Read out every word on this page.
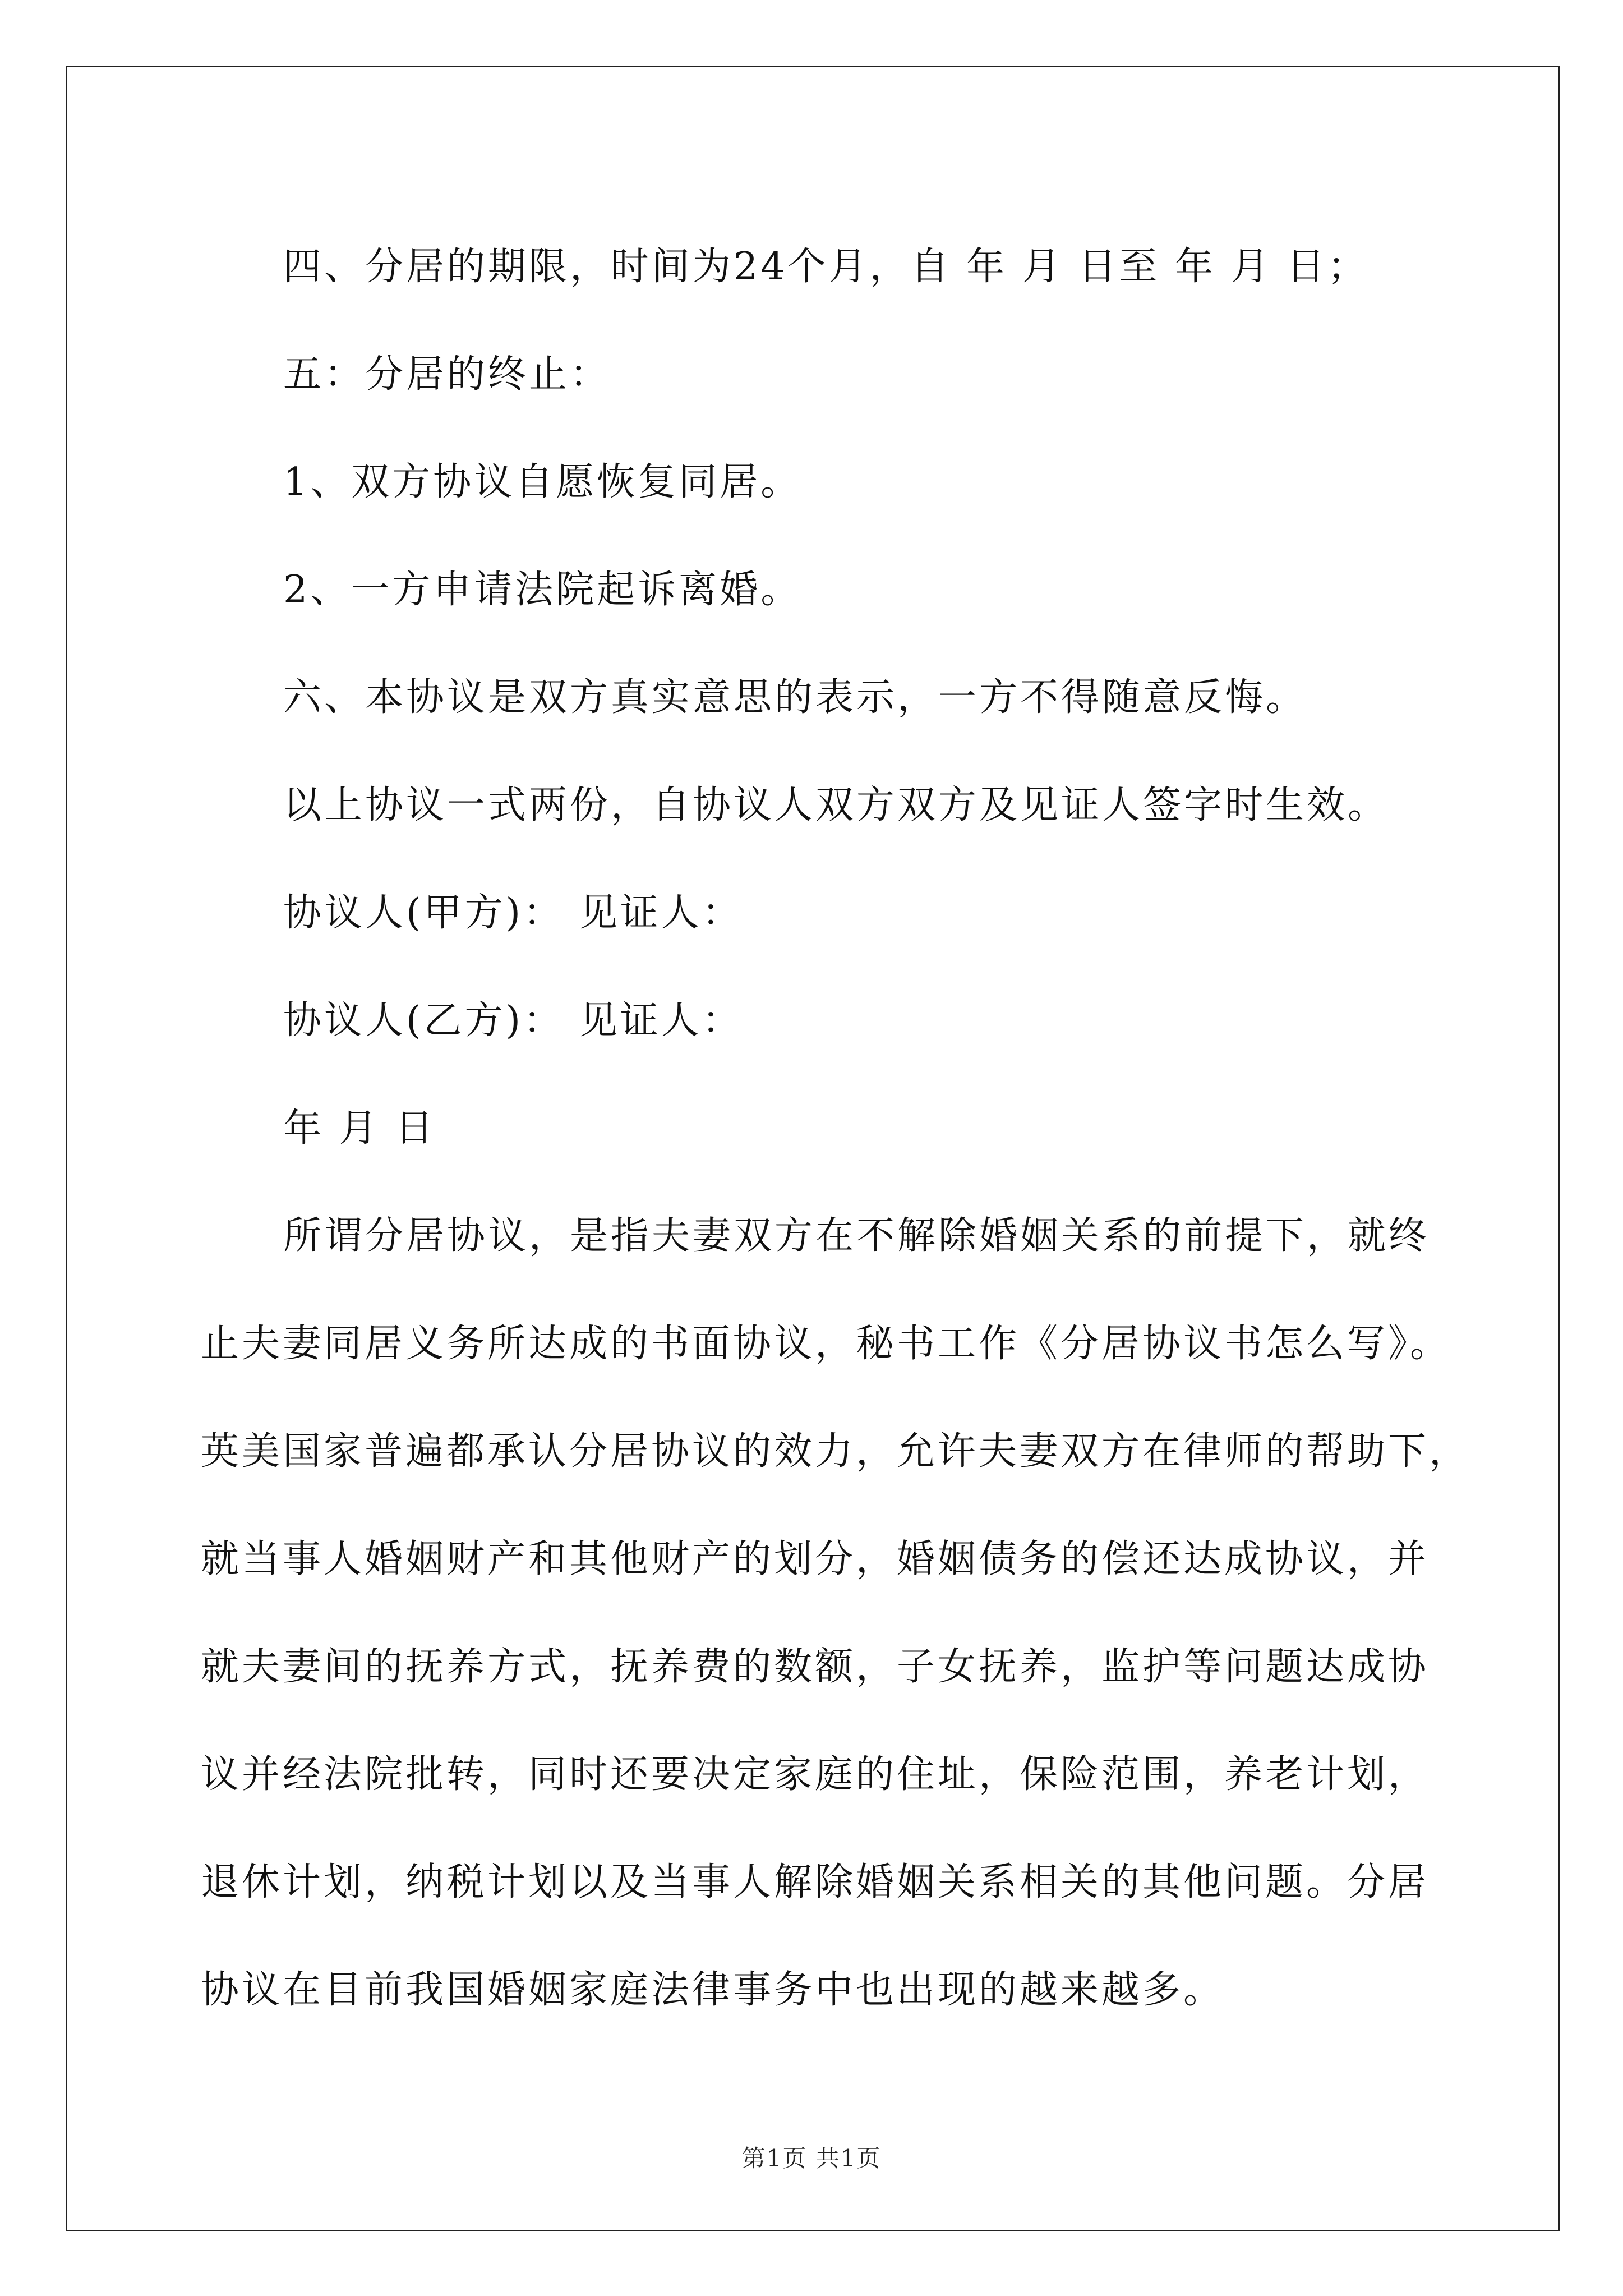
四、分居的期限，时间为24个月，自 年 月 日至 年 月 日；
五：分居的终止：
1、双方协议自愿恢复同居。
2、一方申请法院起诉离婚。
六、本协议是双方真实意思的表示，一方不得随意反悔。
以上协议一式两份，自协议人双方双方及见证人签字时生效。
协议人(甲方)： 见证人：
协议人(乙方)： 见证人：
年 月 日
所谓分居协议，是指夫妻双方在不解除婚姻关系的前提下，就终
止夫妻同居义务所达成的书面协议，秘书工作《分居协议书怎么写》。
英美国家普遍都承认分居协议的效力，允许夫妻双方在律师的帮助下，
就当事人婚姻财产和其他财产的划分，婚姻债务的偿还达成协议，并
就夫妻间的抚养方式，抚养费的数额，子女抚养，监护等问题达成协
议并经法院批转，同时还要决定家庭的住址，保险范围，养老计划，
退休计划，纳税计划以及当事人解除婚姻关系相关的其他问题。分居
协议在目前我国婚姻家庭法律事务中也出现的越来越多。
第1页 共1页
